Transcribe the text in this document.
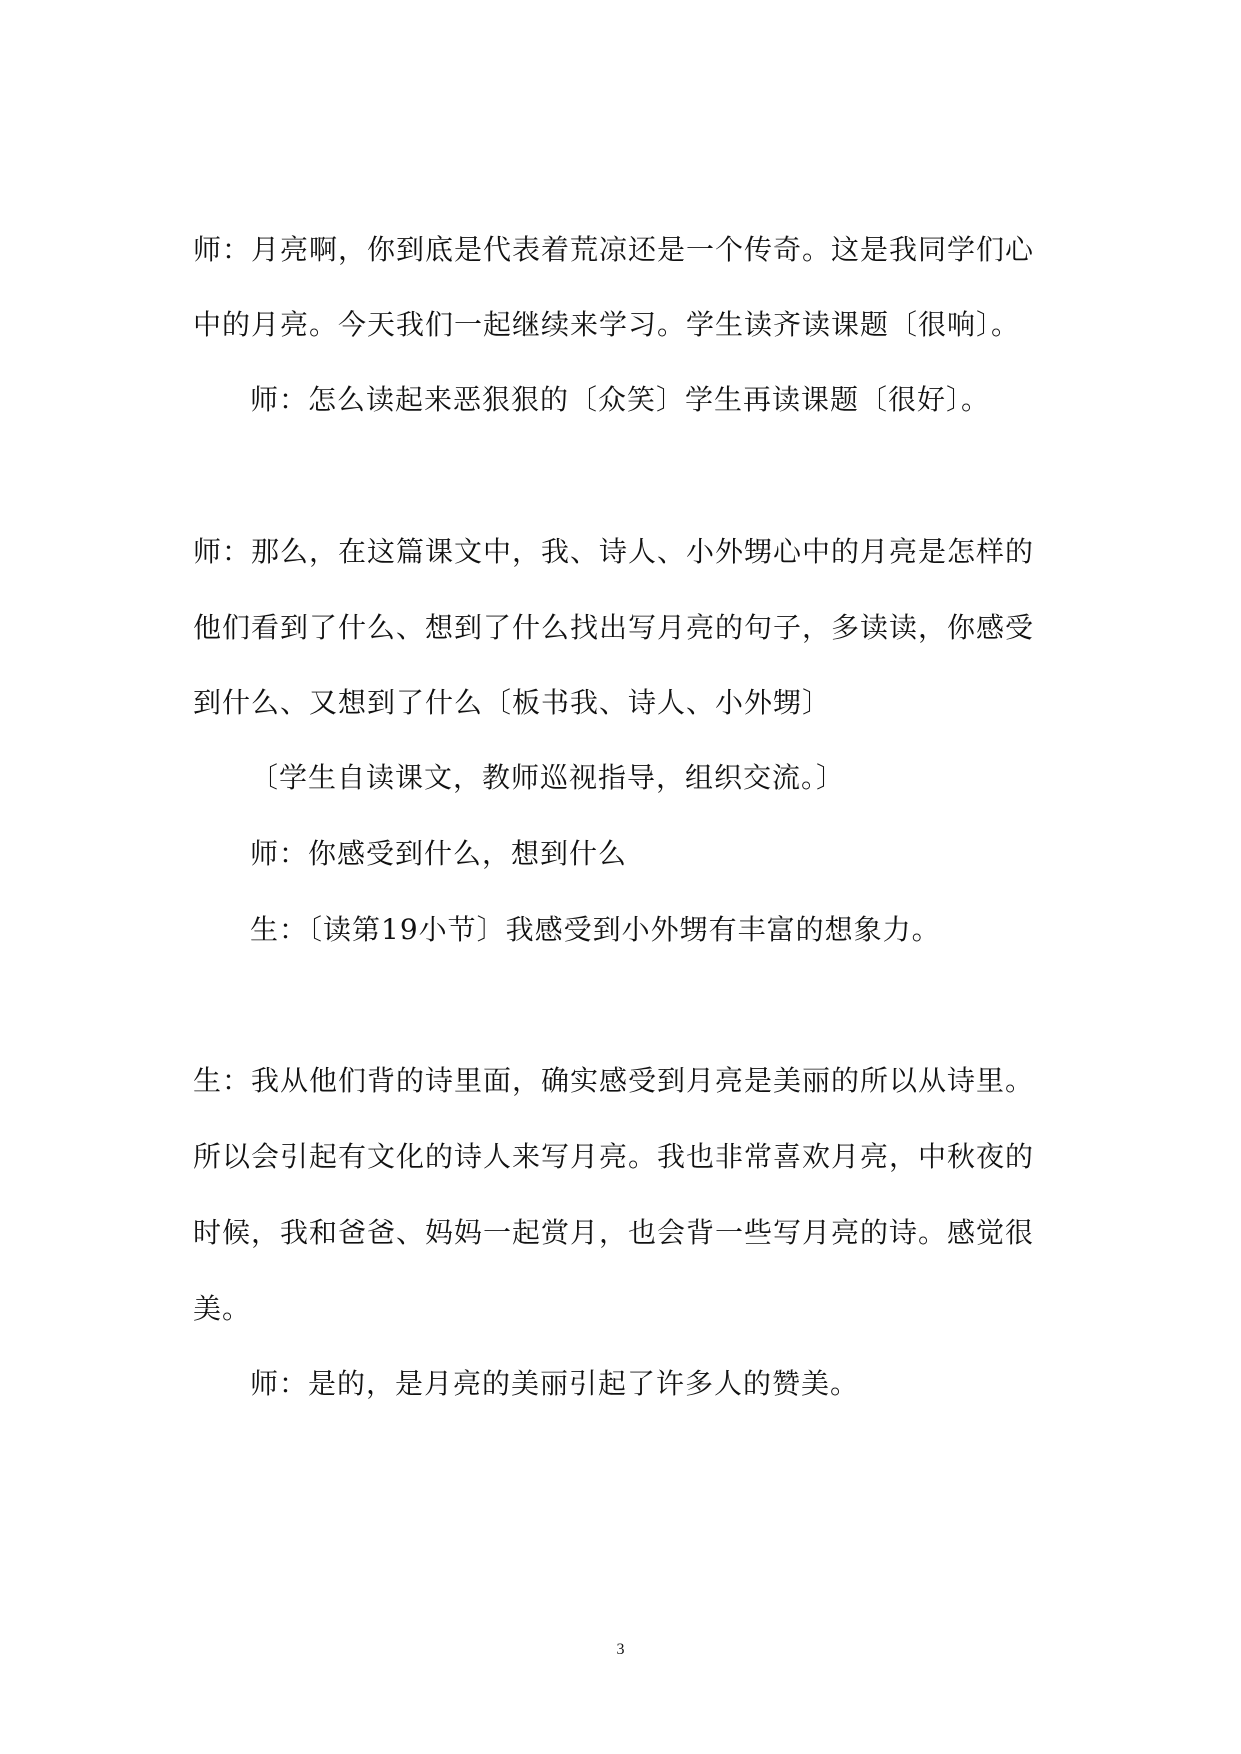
师：月亮啊，你到底是代表着荒凉还是一个传奇。这是我同学们心
中的月亮。今天我们一起继续来学习。学生读齐读课题〔很响〕。
师：怎么读起来恶狠狠的〔众笑〕学生再读课题〔很好〕。
师：那么，在这篇课文中，我、诗人、小外甥心中的月亮是怎样的
他们看到了什么、想到了什么找出写月亮的句子，多读读，你感受
到什么、又想到了什么〔板书我、诗人、小外甥〕
〔学生自读课文，教师巡视指导，组织交流。〕
师：你感受到什么，想到什么
生：〔读第19小节〕我感受到小外甥有丰富的想象力。
生：我从他们背的诗里面，确实感受到月亮是美丽的所以从诗里。
所以会引起有文化的诗人来写月亮。我也非常喜欢月亮，中秋夜的
时候，我和爸爸、妈妈一起赏月，也会背一些写月亮的诗。感觉很
美。
师：是的，是月亮的美丽引起了许多人的赞美。
3
